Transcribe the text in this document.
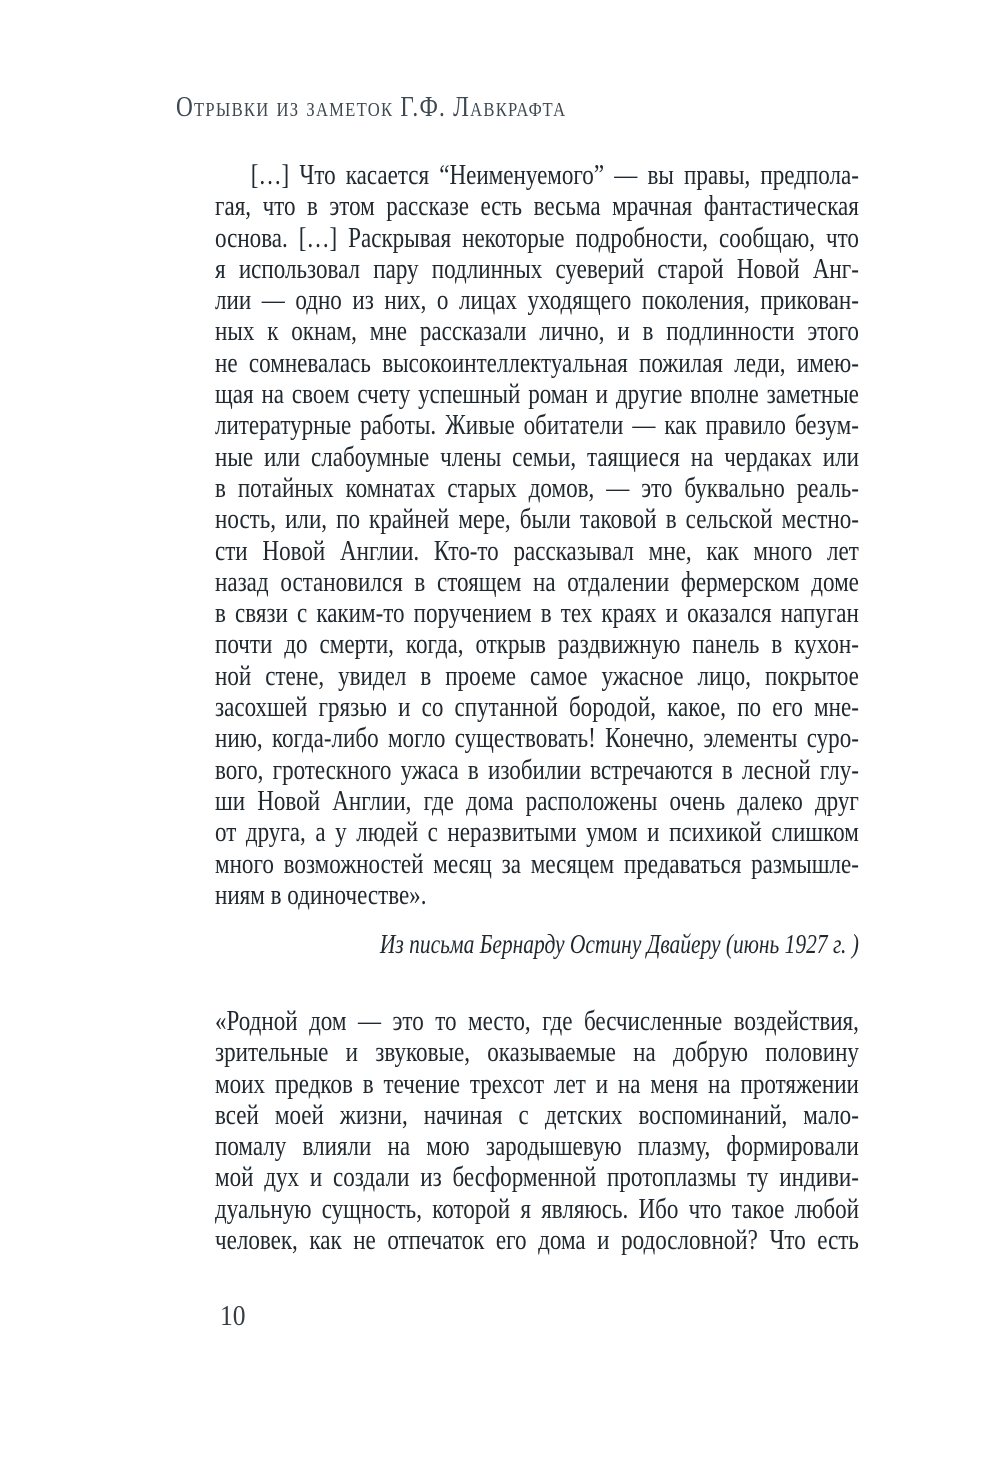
Отрывки из заметок Г.Ф. Лавкрафта
[…] Что касается “Неименуемого” — вы правы, предпола-
гая, что в этом рассказе есть весьма мрачная фантастическая
основа. […] Раскрывая некоторые подробности, сообщаю, что
я использовал пару подлинных суеверий старой Новой Анг-
лии — одно из них, о лицах уходящего поколения, прикован-
ных к окнам, мне рассказали лично, и в подлинности этого
не сомневалась высокоинтеллектуальная пожилая леди, имею-
щая на своем счету успешный роман и другие вполне заметные
литературные работы. Живые обитатели — как правило безум-
ные или слабоумные члены семьи, таящиеся на чердаках или
в потайных комнатах старых домов, — это буквально реаль-
ность, или, по крайней мере, были таковой в сельской местно-
сти Новой Англии. Кто-то рассказывал мне, как много лет
назад остановился в стоящем на отдалении фермерском доме
в связи с каким-то поручением в тех краях и оказался напуган
почти до смерти, когда, открыв раздвижную панель в кухон-
ной стене, увидел в проеме самое ужасное лицо, покрытое
засохшей грязью и со спутанной бородой, какое, по его мне-
нию, когда-либо могло существовать! Конечно, элементы суро-
вого, гротескного ужаса в изобилии встречаются в лесной глу-
ши Новой Англии, где дома расположены очень далеко друг
от друга, а у людей с неразвитыми умом и психикой слишком
много возможностей месяц за месяцем предаваться размышле-
ниям в одиночестве».
Из письма Бернарду Остину Двайеру (июнь 1927 г. )
«Родной дом — это то место, где бесчисленные воздействия,
зрительные и звуковые, оказываемые на добрую половину
моих предков в течение трехсот лет и на меня на протяжении
всей моей жизни, начиная с детских воспоминаний, мало-
помалу влияли на мою зародышевую плазму, формировали
мой дух и создали из бесформенной протоплазмы ту индиви-
дуальную сущность, которой я являюсь. Ибо что такое любой
человек, как не отпечаток его дома и родословной? Что есть
10
